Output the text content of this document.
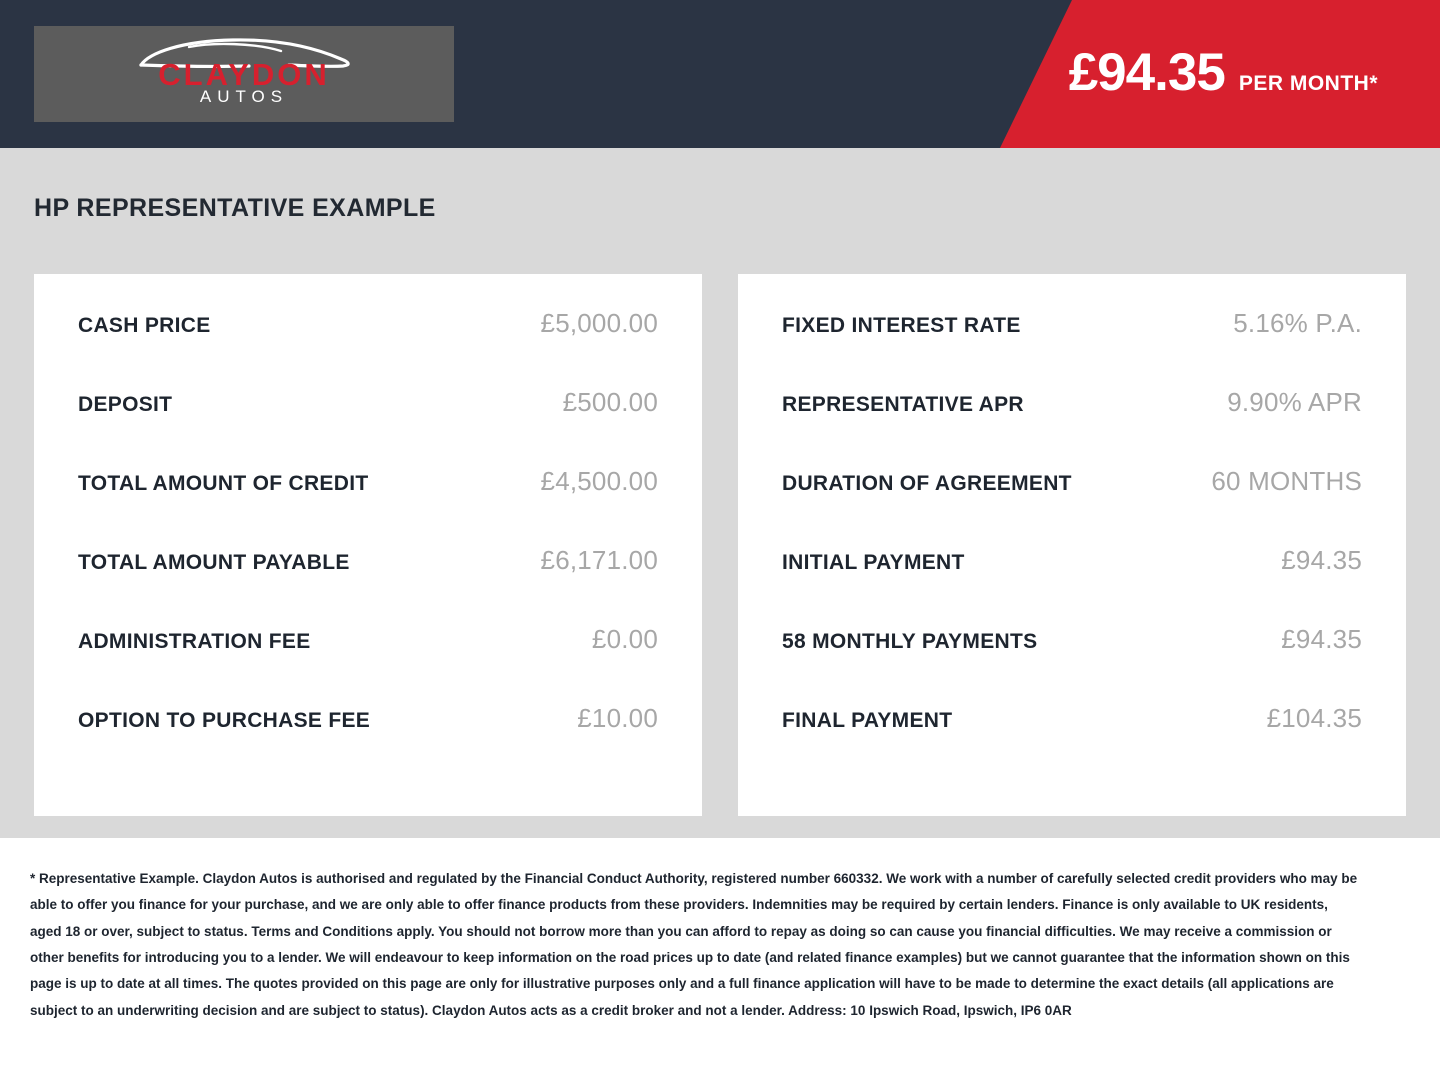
CLAYDON
AUTOS	£94.35 PER MONTH*
HP REPRESENTATIVE EXAMPLE
CASH PRICE	£5,000.00
DEPOSIT	£500.00
TOTAL AMOUNT OF CREDIT	£4,500.00
TOTAL AMOUNT PAYABLE	£6,171.00
ADMINISTRATION FEE	£0.00
OPTION TO PURCHASE FEE	£10.00
FIXED INTEREST RATE	5.16% P.A.
REPRESENTATIVE APR	9.90% APR
DURATION OF AGREEMENT	60 MONTHS
INITIAL PAYMENT	£94.35
58 MONTHLY PAYMENTS	£94.35
FINAL PAYMENT	£104.35

* Representative Example. Claydon Autos is authorised and regulated by the Financial Conduct Authority, registered number 660332. We work with a number of carefully selected credit providers who may be able to offer you finance for your purchase, and we are only able to offer finance products from these providers. Indemnities may be required by certain lenders. Finance is only available to UK residents, aged 18 or over, subject to status. Terms and Conditions apply. You should not borrow more than you can afford to repay as doing so can cause you financial difficulties. We may receive a commission or other benefits for introducing you to a lender. We will endeavour to keep information on the road prices up to date (and related finance examples) but we cannot guarantee that the information shown on this page is up to date at all times. The quotes provided on this page are only for illustrative purposes only and a full finance application will have to be made to determine the exact details (all applications are subject to an underwriting decision and are subject to status). Claydon Autos acts as a credit broker and not a lender. Address: 10 Ipswich Road, Ipswich, IP6 0AR
